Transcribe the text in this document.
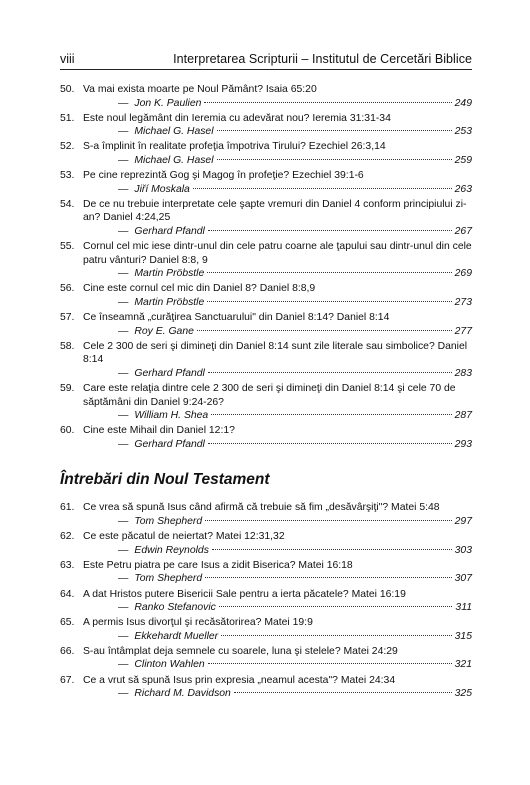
viii	Interpretarea Scripturii – Institutul de Cercetări Biblice
50. Va mai exista moarte pe Noul Pământ? Isaia 65:20
— Jon K. Paulien	249
51. Este noul legământ din Ieremia cu adevărat nou? Ieremia 31:31-34
— Michael G. Hasel	253
52. S-a împlinit în realitate profeţia împotriva Tirului? Ezechiel 26:3,14
— Michael G. Hasel	259
53. Pe cine reprezintă Gog şi Magog în profeţie? Ezechiel 39:1-6
— Jiří Moskala	263
54. De ce nu trebuie interpretate cele şapte vremuri din Daniel 4 conform principiului zi-an? Daniel 4:24,25
— Gerhard Pfandl	267
55. Cornul cel mic iese dintr-unul din cele patru coarne ale ţapului sau dintr-unul din cele patru vânturi? Daniel 8:8, 9
— Martin Pröbstle	269
56. Cine este cornul cel mic din Daniel 8? Daniel 8:8,9
— Martin Pröbstle	273
57. Ce înseamnă „curăţirea Sanctuarului" din Daniel 8:14? Daniel 8:14
— Roy E. Gane	277
58. Cele 2 300 de seri şi dimineţi din Daniel 8:14 sunt zile literale sau simbolice? Daniel 8:14
— Gerhard Pfandl	283
59. Care este relaţia dintre cele 2 300 de seri şi dimineţi din Daniel 8:14 şi cele 70 de săptămâni din Daniel 9:24-26?
— William H. Shea	287
60. Cine este Mihail din Daniel 12:1?
— Gerhard Pfandl	293
Întrebări din Noul Testament
61. Ce vrea să spună Isus când afirmă că trebuie să fim „desăvârşiţi"? Matei 5:48
— Tom Shepherd	297
62. Ce este păcatul de neiertat? Matei 12:31,32
— Edwin Reynolds	303
63. Este Petru piatra pe care Isus a zidit Biserica? Matei 16:18
— Tom Shepherd	307
64. A dat Hristos putere Bisericii Sale pentru a ierta păcatele? Matei 16:19
— Ranko Stefanovic	311
65. A permis Isus divorţul şi recăsătorirea? Matei 19:9
— Ekkehardt Mueller	315
66. S-au întâmplat deja semnele cu soarele, luna şi stelele? Matei 24:29
— Clinton Wahlen	321
67. Ce a vrut să spună Isus prin expresia „neamul acesta"? Matei 24:34
— Richard M. Davidson	325
